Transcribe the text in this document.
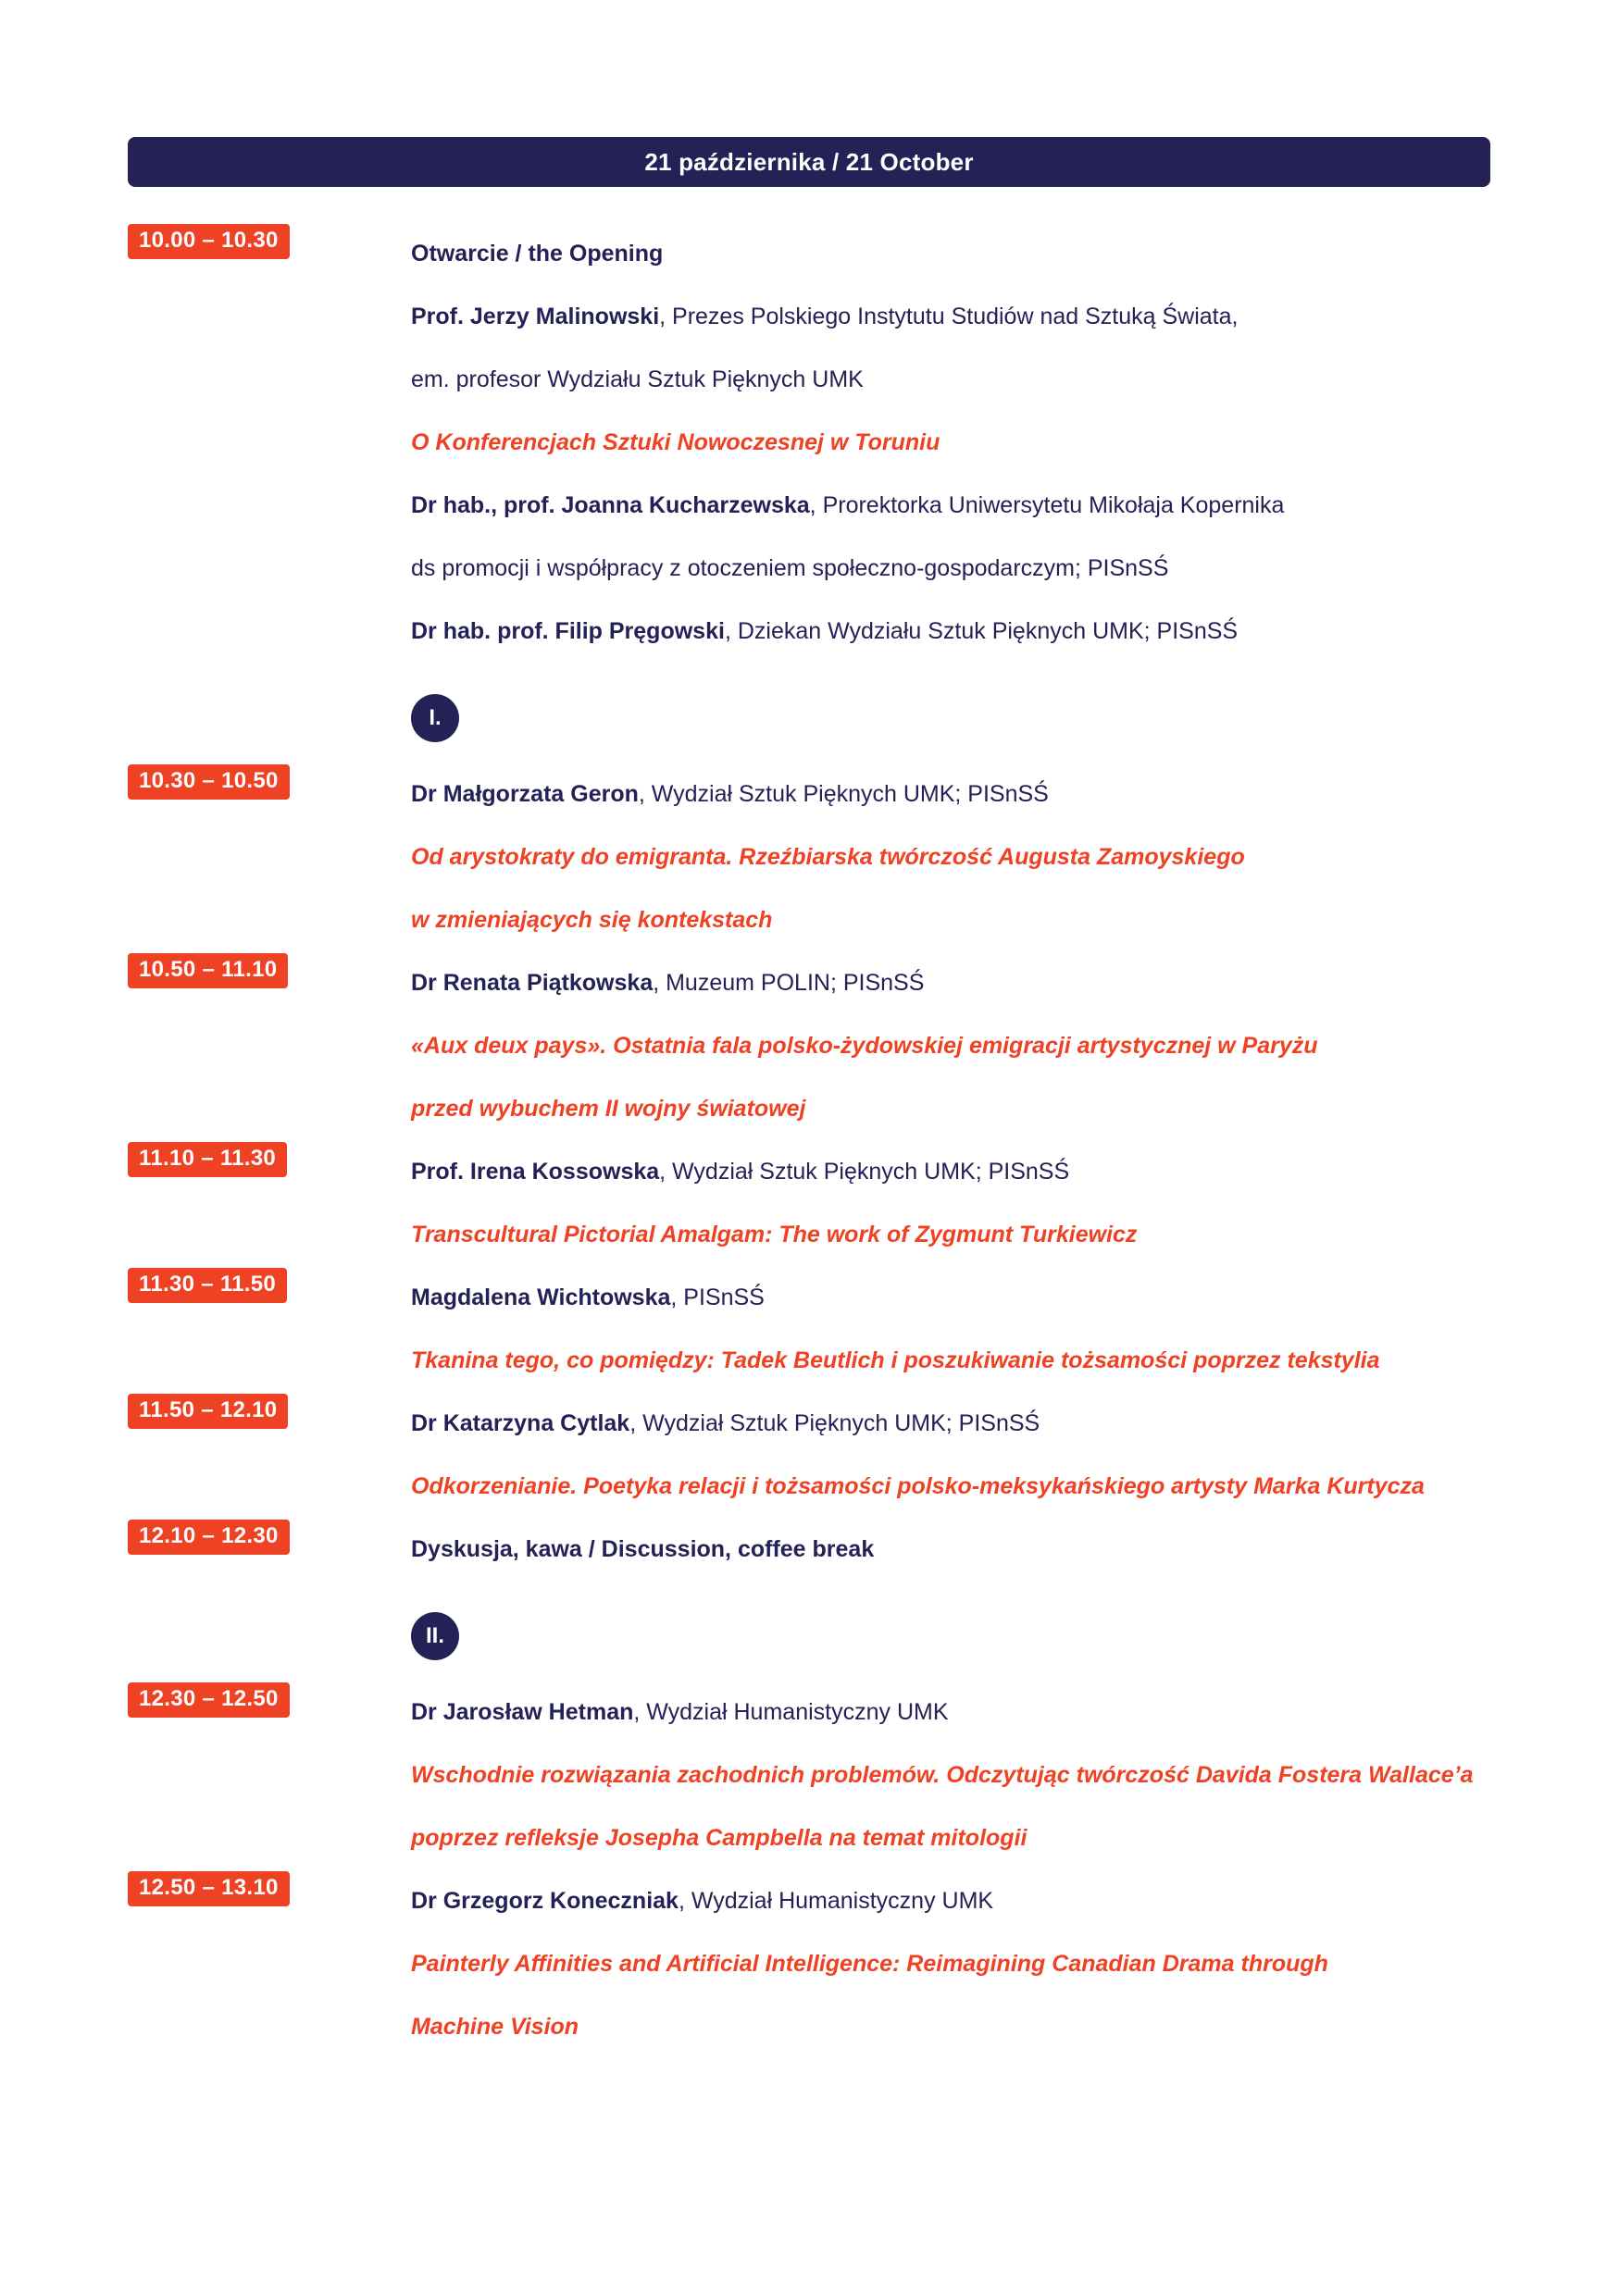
21 października / 21 October
10.00 – 10.30
Otwarcie / the Opening
Prof. Jerzy Malinowski, Prezes Polskiego Instytutu Studiów nad Sztuką Świata,
em. profesor Wydziału Sztuk Pięknych UMK
O Konferencjach Sztuki Nowoczesnej w Toruniu
Dr hab., prof. Joanna Kucharzewska, Prorektorka Uniwersytetu Mikołaja Kopernika
ds promocji i współpracy z otoczeniem społeczno-gospodarczym; PISnSŚ
Dr hab. prof. Filip Pręgowski, Dziekan Wydziału Sztuk Pięknych UMK; PISnSŚ
I.
10.30 – 10.50
Dr Małgorzata Geron, Wydział Sztuk Pięknych UMK; PISnSŚ
Od arystokraty do emigranta. Rzeźbiarska twórczość Augusta Zamoyskiego
w zmieniających się kontekstach
10.50 – 11.10
Dr Renata Piątkowska, Muzeum POLIN; PISnSŚ
«Aux deux pays». Ostatnia fala polsko-żydowskiej emigracji artystycznej w Paryżu
przed wybuchem II wojny światowej
11.10 – 11.30
Prof. Irena Kossowska, Wydział Sztuk Pięknych UMK; PISnSŚ
Transcultural Pictorial Amalgam: The work of Zygmunt Turkiewicz
11.30 – 11.50
Magdalena Wichtowska, PISnSŚ
Tkanina tego, co pomiędzy: Tadek Beutlich i poszukiwanie tożsamości poprzez tekstylia
11.50 – 12.10
Dr Katarzyna Cytlak, Wydział Sztuk Pięknych UMK; PISnSŚ
Odkorzenianie. Poetyka relacji i tożsamości polsko-meksykańskiego artysty Marka Kurtycza
12.10 – 12.30
Dyskusja, kawa / Discussion, coffee break
II.
12.30 – 12.50
Dr Jarosław Hetman, Wydział Humanistyczny UMK
Wschodnie rozwiązania zachodnich problemów. Odczytując twórczość Davida Fostera Wallace’a
poprzez refleksje Josepha Campbella na temat mitologii
12.50 – 13.10
Dr Grzegorz Koneczniak, Wydział Humanistyczny UMK
Painterly Affinities and Artificial Intelligence: Reimagining Canadian Drama through
Machine Vision
